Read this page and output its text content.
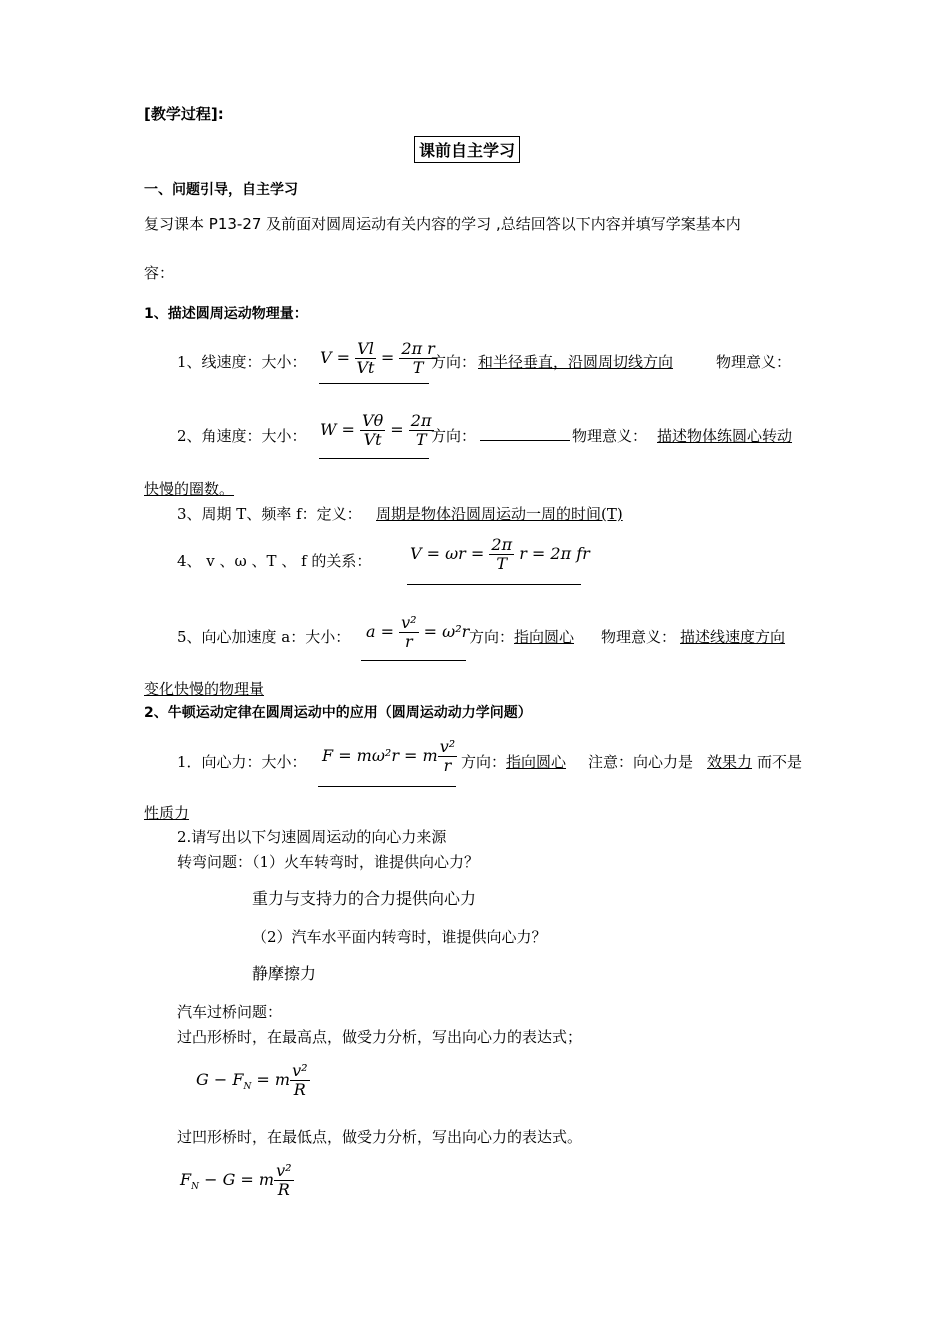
[教学过程]:
课前自主学习
一、问题引导，自主学习
复习课本 P13-27 及前面对圆周运动有关内容的学习 ,总结回答以下内容并填写学案基本内
容：
1、描述圆周运动物理量：
1、线速度：大小： $V = \frac{Vl}{Vt} = \frac{\text{2π r}}{T}$
方向： 和半径垂直，沿圆周切线方向	物理意义：
2、角速度：大小： $W = \frac{V\theta}{Vt} = \frac{2\pi}{T}$
方向：	物理意义： 描述物体练圆心转动
快慢的圈数。
3、周期 T、频率 f：定义： 周期是物体沿圆周运动一周的时间(T)
4、 v 、ω 、T 、 f 的关系： $V = \omega r = \frac{2\pi}{T}$ r = 2π fr
5、向心加速度 a：大小： $a = \frac{\text{v²}}{r} = \omega^2r$ 方向： 指向圆心 物理意义： 描述线速度方向
变化快慢的物理量
2、牛顿运动定律在圆周运动中的应用（圆周运动动力学问题）
1．向心力：大小： F = mω²r = m $\frac{\text{v²}}{r}$ 方向： 指向圆心 注意：向心力是 效果力 而不是
性质力
2.请写出以下匀速圆周运动的向心力来源
转弯问题：（1）火车转弯时，谁提供向心力？
重力与支持力的合力提供向心力
（2）汽车水平面内转弯时，谁提供向心力？
静摩擦力
汽车过桥问题：
过凸形桥时，在最高点，做受力分析，写出向心力的表达式；
$G - F_N = m \frac{\text{v²}}{R}$
过凹形桥时，在最低点，做受力分析，写出向心力的表达式。
$F_N - G = m \frac{\text{v²}}{R}$
